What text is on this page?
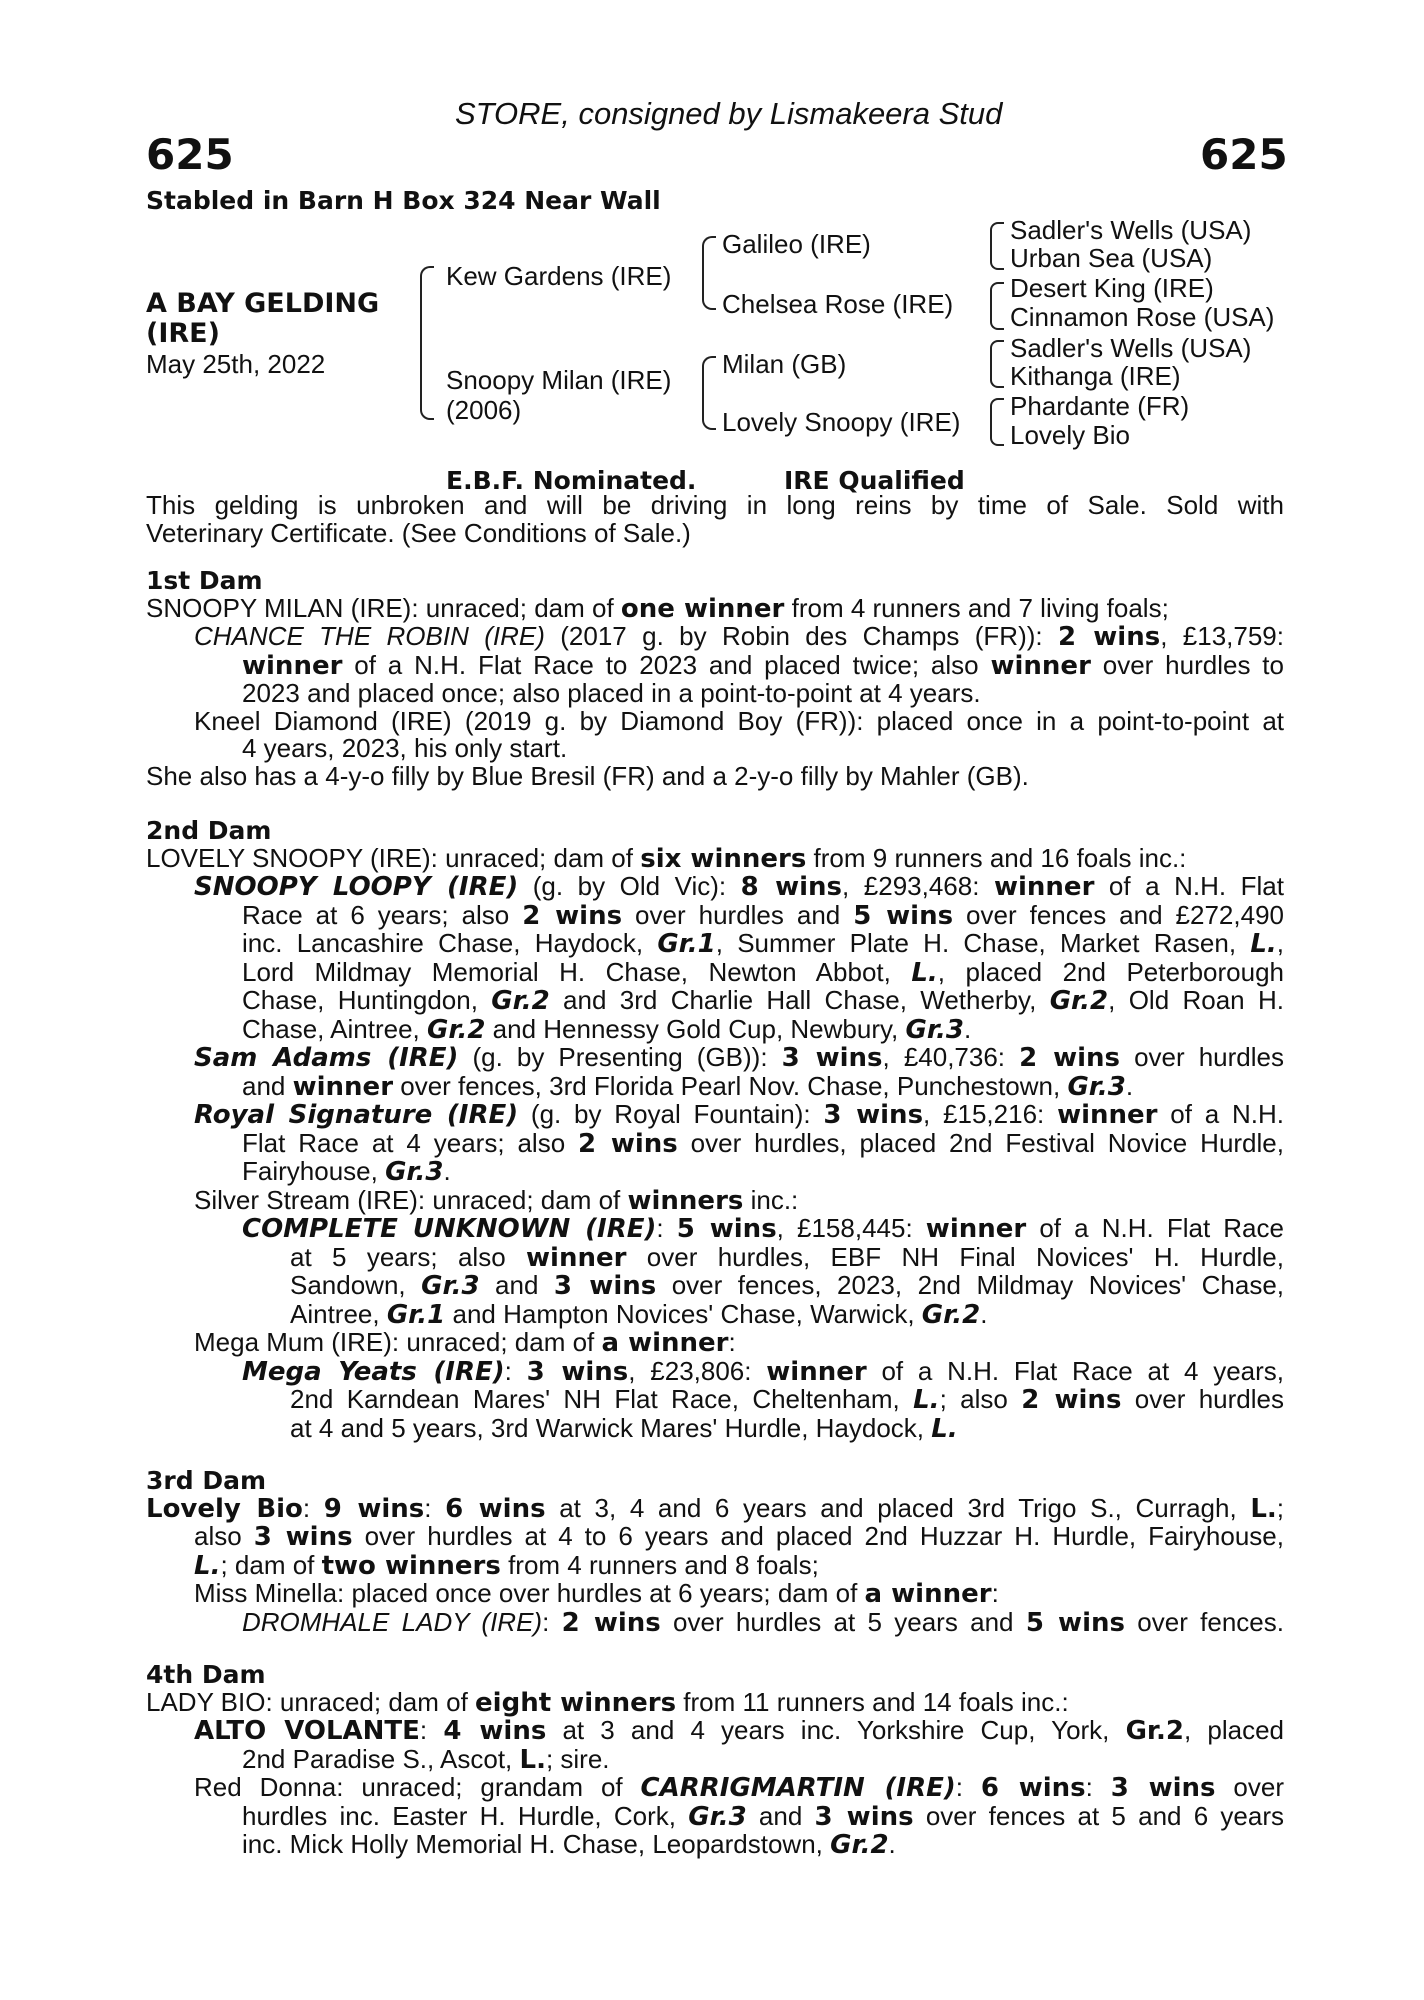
STORE, consigned by Lismakeera Stud
625	625
Stabled in Barn H Box 324 Near Wall
A BAY GELDING
(IRE)
May 25th, 2022
Kew Gardens (IRE)
Snoopy Milan (IRE)
(2006)
Galileo (IRE)
Chelsea Rose (IRE)
Milan (GB)
Lovely Snoopy (IRE)
Sadler's Wells (USA)
Urban Sea (USA)
Desert King (IRE)
Cinnamon Rose (USA)
Sadler's Wells (USA)
Kithanga (IRE)
Phardante (FR)
Lovely Bio
E.B.F. Nominated.	IRE Qualified
This gelding is unbroken and will be driving in long reins by time of Sale. Sold with
Veterinary Certificate. (See Conditions of Sale.)
1st Dam
SNOOPY MILAN (IRE): unraced; dam of one winner from 4 runners and 7 living foals;
CHANCE THE ROBIN (IRE) (2017 g. by Robin des Champs (FR)): 2 wins, £13,759:
winner of a N.H. Flat Race to 2023 and placed twice; also winner over hurdles to
2023 and placed once; also placed in a point-to-point at 4 years.
Kneel Diamond (IRE) (2019 g. by Diamond Boy (FR)): placed once in a point-to-point at
4 years, 2023, his only start.
She also has a 4-y-o filly by Blue Bresil (FR) and a 2-y-o filly by Mahler (GB).
2nd Dam
LOVELY SNOOPY (IRE): unraced; dam of six winners from 9 runners and 16 foals inc.:
SNOOPY LOOPY (IRE) (g. by Old Vic): 8 wins, £293,468: winner of a N.H. Flat
Race at 6 years; also 2 wins over hurdles and 5 wins over fences and £272,490
inc. Lancashire Chase, Haydock, Gr.1, Summer Plate H. Chase, Market Rasen, L.,
Lord Mildmay Memorial H. Chase, Newton Abbot, L., placed 2nd Peterborough
Chase, Huntingdon, Gr.2 and 3rd Charlie Hall Chase, Wetherby, Gr.2, Old Roan H.
Chase, Aintree, Gr.2 and Hennessy Gold Cup, Newbury, Gr.3.
Sam Adams (IRE) (g. by Presenting (GB)): 3 wins, £40,736: 2 wins over hurdles
and winner over fences, 3rd Florida Pearl Nov. Chase, Punchestown, Gr.3.
Royal Signature (IRE) (g. by Royal Fountain): 3 wins, £15,216: winner of a N.H.
Flat Race at 4 years; also 2 wins over hurdles, placed 2nd Festival Novice Hurdle,
Fairyhouse, Gr.3.
Silver Stream (IRE): unraced; dam of winners inc.:
COMPLETE UNKNOWN (IRE): 5 wins, £158,445: winner of a N.H. Flat Race
at 5 years; also winner over hurdles, EBF NH Final Novices' H. Hurdle,
Sandown, Gr.3 and 3 wins over fences, 2023, 2nd Mildmay Novices' Chase,
Aintree, Gr.1 and Hampton Novices' Chase, Warwick, Gr.2.
Mega Mum (IRE): unraced; dam of a winner:
Mega Yeats (IRE): 3 wins, £23,806: winner of a N.H. Flat Race at 4 years,
2nd Karndean Mares' NH Flat Race, Cheltenham, L.; also 2 wins over hurdles
at 4 and 5 years, 3rd Warwick Mares' Hurdle, Haydock, L.
3rd Dam
Lovely Bio: 9 wins: 6 wins at 3, 4 and 6 years and placed 3rd Trigo S., Curragh, L.;
also 3 wins over hurdles at 4 to 6 years and placed 2nd Huzzar H. Hurdle, Fairyhouse,
L.; dam of two winners from 4 runners and 8 foals;
Miss Minella: placed once over hurdles at 6 years; dam of a winner:
DROMHALE LADY (IRE): 2 wins over hurdles at 5 years and 5 wins over fences.
4th Dam
LADY BIO: unraced; dam of eight winners from 11 runners and 14 foals inc.:
ALTO VOLANTE: 4 wins at 3 and 4 years inc. Yorkshire Cup, York, Gr.2, placed
2nd Paradise S., Ascot, L.; sire.
Red Donna: unraced; grandam of CARRIGMARTIN (IRE): 6 wins: 3 wins over
hurdles inc. Easter H. Hurdle, Cork, Gr.3 and 3 wins over fences at 5 and 6 years
inc. Mick Holly Memorial H. Chase, Leopardstown, Gr.2.
